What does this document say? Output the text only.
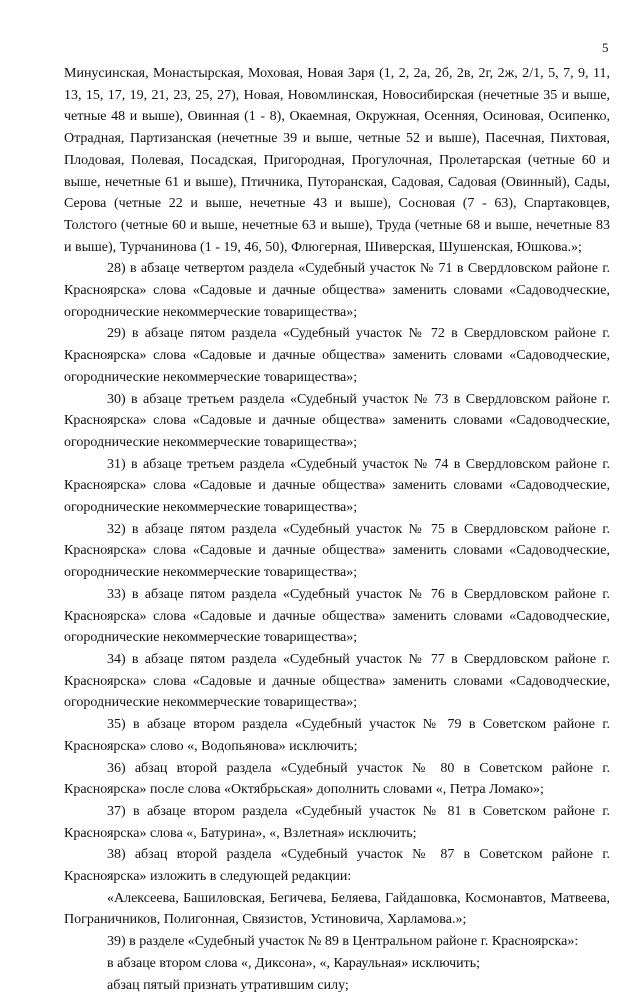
5

Минусинская, Монастырская, Моховая, Новая Заря (1, 2, 2а, 2б, 2в, 2г, 2ж, 2/1, 5, 7, 9, 11, 13, 15, 17, 19, 21, 23, 25, 27), Новая, Новомлинская, Новосибирская (нечетные 35 и выше, четные 48 и выше), Овинная (1 - 8), Окаемная, Окружная, Осенняя, Осиновая, Осипенко, Отрадная, Партизанская (нечетные 39 и выше, четные 52 и выше), Пасечная, Пихтовая, Плодовая, Полевая, Посадская, Пригородная, Прогулочная, Пролетарская (четные 60 и выше, нечетные 61 и выше), Птичника, Путоранская, Садовая, Садовая (Овинный), Сады, Серова (четные 22 и выше, нечетные 43 и выше), Сосновая (7 - 63), Спартаковцев, Толстого (четные 60 и выше, нечетные 63 и выше), Труда (четные 68 и выше, нечетные 83 и выше), Турчанинова (1 - 19, 46, 50), Флюгерная, Шиверская, Шушенская, Юшкова.»;

28) в абзаце четвертом раздела «Судебный участок № 71 в Свердловском районе г. Красноярска» слова «Садовые и дачные общества» заменить словами «Садоводческие, огороднические некоммерческие товарищества»;

29) в абзаце пятом раздела «Судебный участок № 72 в Свердловском районе г. Красноярска» слова «Садовые и дачные общества» заменить словами «Садоводческие, огороднические некоммерческие товарищества»;

30) в абзаце третьем раздела «Судебный участок № 73 в Свердловском районе г. Красноярска» слова «Садовые и дачные общества» заменить словами «Садоводческие, огороднические некоммерческие товарищества»;

31) в абзаце третьем раздела «Судебный участок № 74 в Свердловском районе г. Красноярска» слова «Садовые и дачные общества» заменить словами «Садоводческие, огороднические некоммерческие товарищества»;

32) в абзаце пятом раздела «Судебный участок № 75 в Свердловском районе г. Красноярска» слова «Садовые и дачные общества» заменить словами «Садоводческие, огороднические некоммерческие товарищества»;

33) в абзаце пятом раздела «Судебный участок № 76 в Свердловском районе г. Красноярска» слова «Садовые и дачные общества» заменить словами «Садоводческие, огороднические некоммерческие товарищества»;

34) в абзаце пятом раздела «Судебный участок № 77 в Свердловском районе г. Красноярска» слова «Садовые и дачные общества» заменить словами «Садоводческие, огороднические некоммерческие товарищества»;

35) в абзаце втором раздела «Судебный участок № 79 в Советском районе г. Красноярска» слово «, Водопьянова» исключить;

36) абзац второй раздела «Судебный участок № 80 в Советском районе г. Красноярска» после слова «Октябрьская» дополнить словами «, Петра Ломако»;

37) в абзаце втором раздела «Судебный участок № 81 в Советском районе г. Красноярска» слова «, Батурина», «, Взлетная» исключить;

38) абзац второй раздела «Судебный участок № 87 в Советском районе г. Красноярска» изложить в следующей редакции:

«Алексеева, Башиловская, Бегичева, Беляева, Гайдашовка, Космонавтов, Матвеева, Пограничников, Полигонная, Связистов, Устиновича, Харламова.»;

39) в разделе «Судебный участок № 89 в Центральном районе г. Красноярска»:

в абзаце втором слова «, Диксона», «, Караульная» исключить;

абзац пятый признать утратившим силу;
